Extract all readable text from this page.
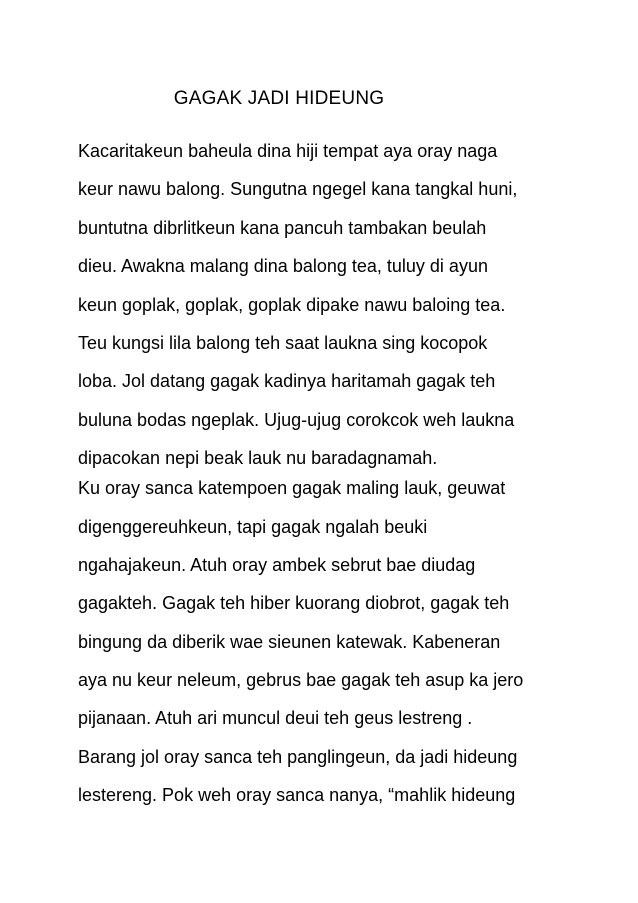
GAGAK JADI HIDEUNG
Kacaritakeun baheula dina hiji tempat aya oray naga
keur nawu balong. Sungutna ngegel kana tangkal huni,
buntutna dibrlitkeun kana pancuh tambakan beulah
dieu. Awakna malang dina balong tea, tuluy di ayun
keun goplak, goplak, goplak dipake nawu baloing tea.
Teu kungsi lila balong teh saat laukna sing kocopok
loba. Jol datang gagak kadinya haritamah gagak teh
buluna bodas ngeplak. Ujug-ujug corokcok weh laukna
dipacokan nepi beak lauk nu baradagnamah.
Ku oray sanca katempoen gagak maling lauk, geuwat
digenggereuhkeun, tapi gagak ngalah beuki
ngahajakeun. Atuh oray ambek sebrut bae diudag
gagakteh. Gagak teh hiber kuorang diobrot, gagak teh
bingung da diberik wae sieunen katewak. Kabeneran
aya nu keur neleum, gebrus bae gagak teh asup ka jero
pijanaan. Atuh ari muncul deui teh geus lestreng .
Barang jol oray sanca teh panglingeun, da jadi hideung
lestereng. Pok weh oray sanca nanya, “mahlik hideung
